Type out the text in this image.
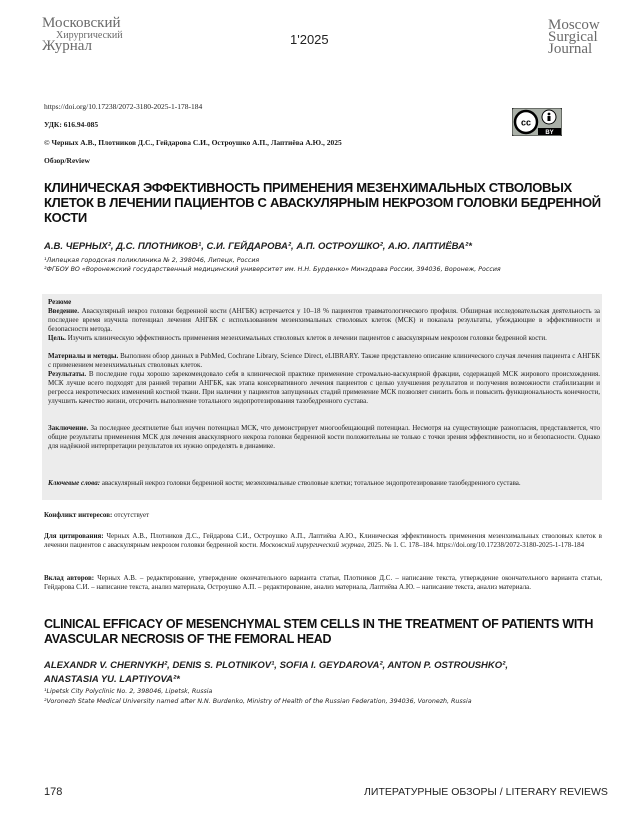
Московский
Хирургический
Журнал	1'2025
Moscow
Surgical
Journal
https://doi.org/10.17238/2072-3180-2025-1-178-184
УДК: 616.94-085
© Черных А.В., Плотников Д.С., Гейдарова С.И., Остроушко А.П., Лаптиёва А.Ю., 2025
Обзор/Review
cc
BY
КЛИНИЧЕСКАЯ ЭФФЕКТИВНОСТЬ ПРИМЕНЕНИЯ МЕЗЕНХИМАЛЬНЫХ СТВОЛОВЫХ КЛЕТОК В ЛЕЧЕНИИ ПАЦИЕНТОВ С АВАСКУЛЯРНЫМ НЕКРОЗОМ ГОЛОВКИ БЕДРЕННОЙ КОСТИ
А.В. ЧЕРНЫХ², Д.С. ПЛОТНИКОВ¹, С.И. ГЕЙДАРОВА², А.П. ОСТРОУШКО², А.Ю. ЛАПТИЁВА²*
¹Липецкая городская поликлиника № 2, 398046, Липецк, Россия
²ФГБОУ ВО «Воронежский государственный медицинский университет им. Н.Н. Бурденко» Минздрава России, 394036, Воронеж, Россия
Резюме
Введение. Аваскулярный некроз головки бедренной кости (АНГБК) встречается у 10–18 % пациентов травматологического профиля. Обширная исследовательская деятельность за последнее время изучила потенциал лечения АНГБК с использованием мезенхимальных стволовых клеток (МСК) и показала результаты, убеждающие в эффективности и безопасности метода.
Цель. Изучить клиническую эффективность применения мезенхимальных стволовых клеток в лечении пациентов с аваскулярным некрозом головки бедренной кости.
Материалы и методы. Выполнен обзор данных в PubMed, Cochrane Library, Science Direct, eLIBRARY. Также представлено описание клинического случая лечения пациента с АНГБК с применением мезенхимальных стволовых клеток.
Результаты. В последние годы хорошо зарекомендовало себя в клинической практике применение стромально-васкулярной фракции, содержащей МСК жирового происхождения. МСК лучше всего подходят для ранней терапии АНГБК, как этапа консервативного лечения пациентов с целью улучшения результатов и получения возможности стабилизации и регресса некротических изменений костной ткани. При наличии у пациентов запущенных стадий применение МСК позволяет снизить боль и повысить функциональность конечности, улучшить качество жизни, отсрочить выполнение тотального эндопротезирования тазобедренного сустава.
Заключение. За последнее десятилетие был изучен потенциал МСК, что демонстрирует многообещающий потенциал. Несмотря на существующие разногласия, представляется, что общие результаты применения МСК для лечения аваскулярного некроза головки бедренной кости положительны не только с точки зрения эффективности, но и безопасности. Однако для надёжной интерпретации результатов их нужно определять в динамике.
Ключевые слова: аваскулярный некроз головки бедренной кости; мезенхимальные стволовые клетки; тотальное эндопротезирование тазобедренного сустава.
Конфликт интересов: отсутствует
Для цитирования: Черных А.В., Плотников Д.С., Гейдарова С.И., Остроушко А.П., Лаптиёва А.Ю., Клиническая эффективность применения мезенхимальных стволовых клеток в лечении пациентов с аваскулярным некрозом головки бедренной кости. Московский хирургический журнал, 2025. № 1. С. 178–184. https://doi.org/10.17238/2072-3180-2025-1-178-184
Вклад авторов: Черных А.В. – редактирование, утверждение окончательного варианта статьи, Плотников Д.С. – написание текста, утверждение окончательного варианта статьи, Гейдарова С.И. – написание текста, анализ материала, Остроушко А.П. – редактирование, анализ материала, Лаптиёва А.Ю. – написание текста, анализ материала.
CLINICAL EFFICACY OF MESENCHYMAL STEM CELLS IN THE TREATMENT OF PATIENTS WITH AVASCULAR NECROSIS OF THE FEMORAL HEAD
ALEXANDR V. CHERNYKH², DENIS S. PLOTNIKOV¹, SOFIA I. GEYDAROVA², ANTON P. OSTROUSHKO²,
ANASTASIA YU. LAPTIYOVA²*
¹Lipetsk City Polyclinic No. 2, 398046, Lipetsk, Russia
²Voronezh State Medical University named after N.N. Burdenko, Ministry of Health of the Russian Federation, 394036, Voronezh, Russia
178	ЛИТЕРАТУРНЫЕ ОБЗОРЫ / LITERARY REVIEWS
